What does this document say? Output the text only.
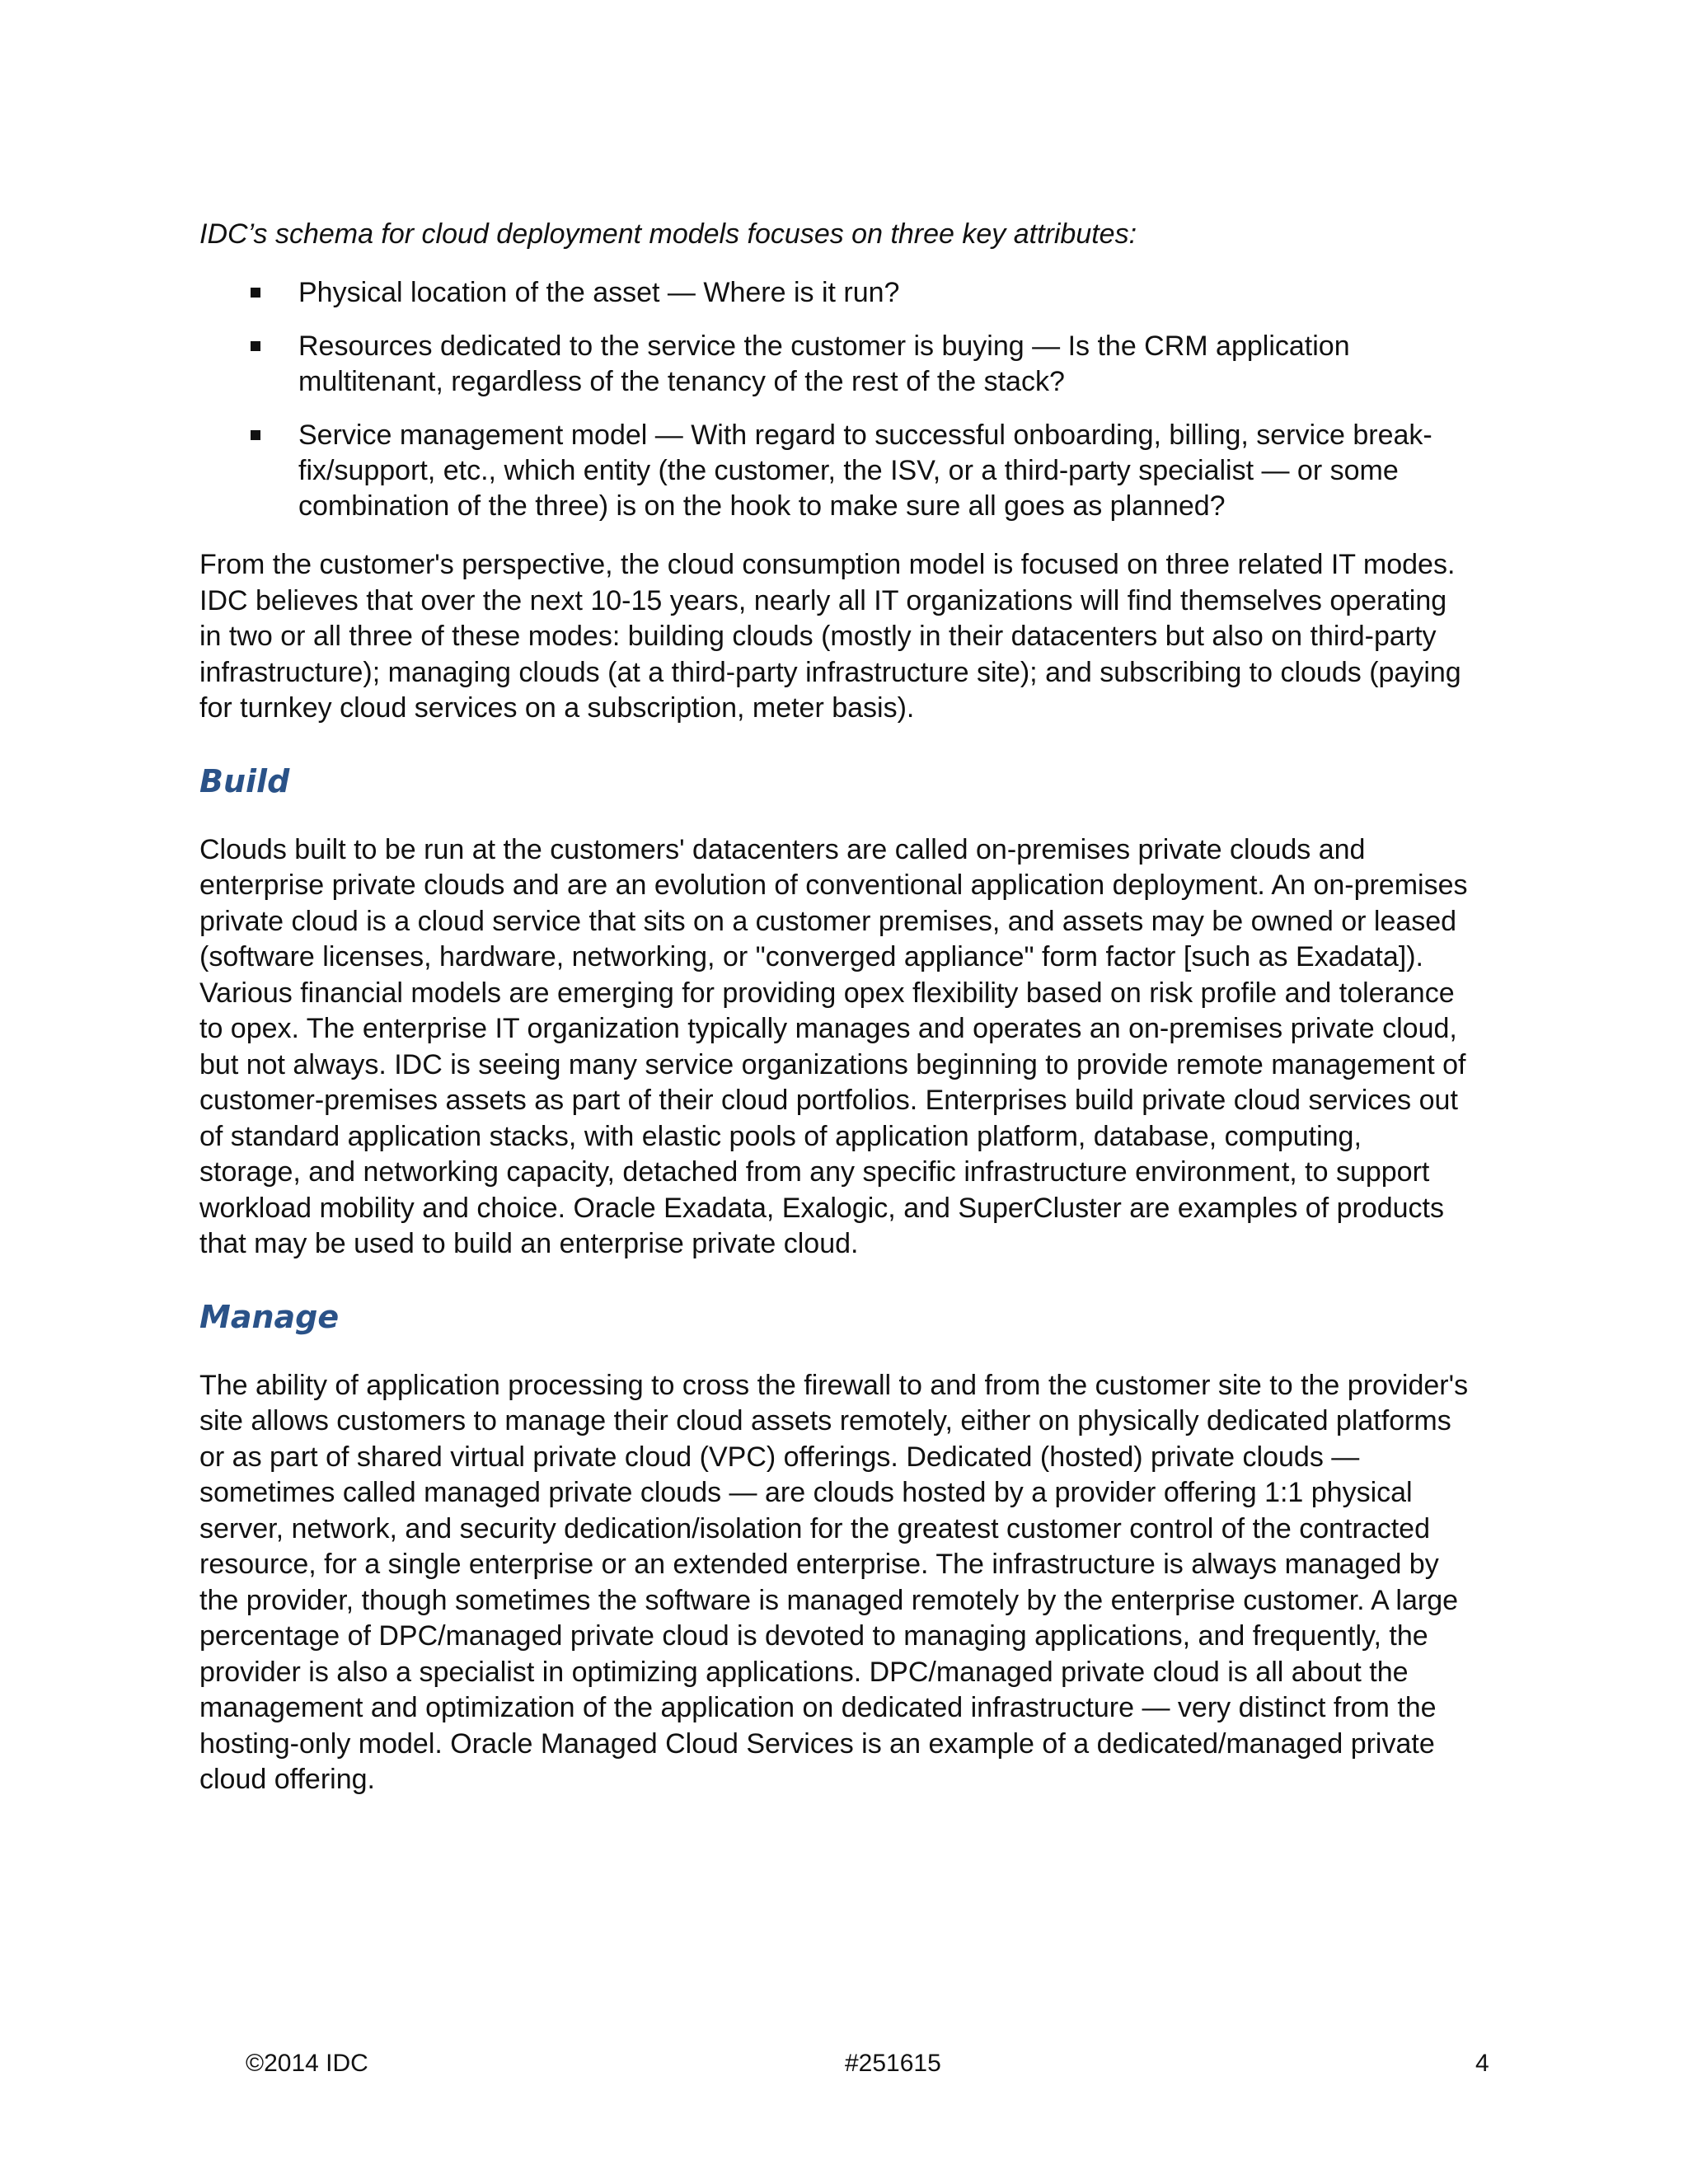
IDC’s schema for cloud deployment models focuses on three key attributes:

Physical location of the asset — Where is it run?
Resources dedicated to the service the customer is buying — Is the CRM application multitenant, regardless of the tenancy of the rest of the stack?
Service management model — With regard to successful onboarding, billing, service break-fix/support, etc., which entity (the customer, the ISV, or a third-party specialist — or some combination of the three) is on the hook to make sure all goes as planned?

From the customer's perspective, the cloud consumption model is focused on three related IT modes. IDC believes that over the next 10-15 years, nearly all IT organizations will find themselves operating in two or all three of these modes: building clouds (mostly in their datacenters but also on third-party infrastructure); managing clouds (at a third-party infrastructure site); and subscribing to clouds (paying for turnkey cloud services on a subscription, meter basis).

Build

Clouds built to be run at the customers' datacenters are called on-premises private clouds and enterprise private clouds and are an evolution of conventional application deployment. An on-premises private cloud is a cloud service that sits on a customer premises, and assets may be owned or leased (software licenses, hardware, networking, or "converged appliance" form factor [such as Exadata]). Various financial models are emerging for providing opex flexibility based on risk profile and tolerance to opex. The enterprise IT organization typically manages and operates an on-premises private cloud, but not always. IDC is seeing many service organizations beginning to provide remote management of customer-premises assets as part of their cloud portfolios. Enterprises build private cloud services out of standard application stacks, with elastic pools of application platform, database, computing, storage, and networking capacity, detached from any specific infrastructure environment, to support workload mobility and choice. Oracle Exadata, Exalogic, and SuperCluster are examples of products that may be used to build an enterprise private cloud.

Manage

The ability of application processing to cross the firewall to and from the customer site to the provider's site allows customers to manage their cloud assets remotely, either on physically dedicated platforms or as part of shared virtual private cloud (VPC) offerings. Dedicated (hosted) private clouds — sometimes called managed private clouds — are clouds hosted by a provider offering 1:1 physical server, network, and security dedication/isolation for the greatest customer control of the contracted resource, for a single enterprise or an extended enterprise. The infrastructure is always managed by the provider, though sometimes the software is managed remotely by the enterprise customer. A large percentage of DPC/managed private cloud is devoted to managing applications, and frequently, the provider is also a specialist in optimizing applications. DPC/managed private cloud is all about the management and optimization of the application on dedicated infrastructure — very distinct from the hosting-only model. Oracle Managed Cloud Services is an example of a dedicated/managed private cloud offering.

©2014 IDC	#251615	4
